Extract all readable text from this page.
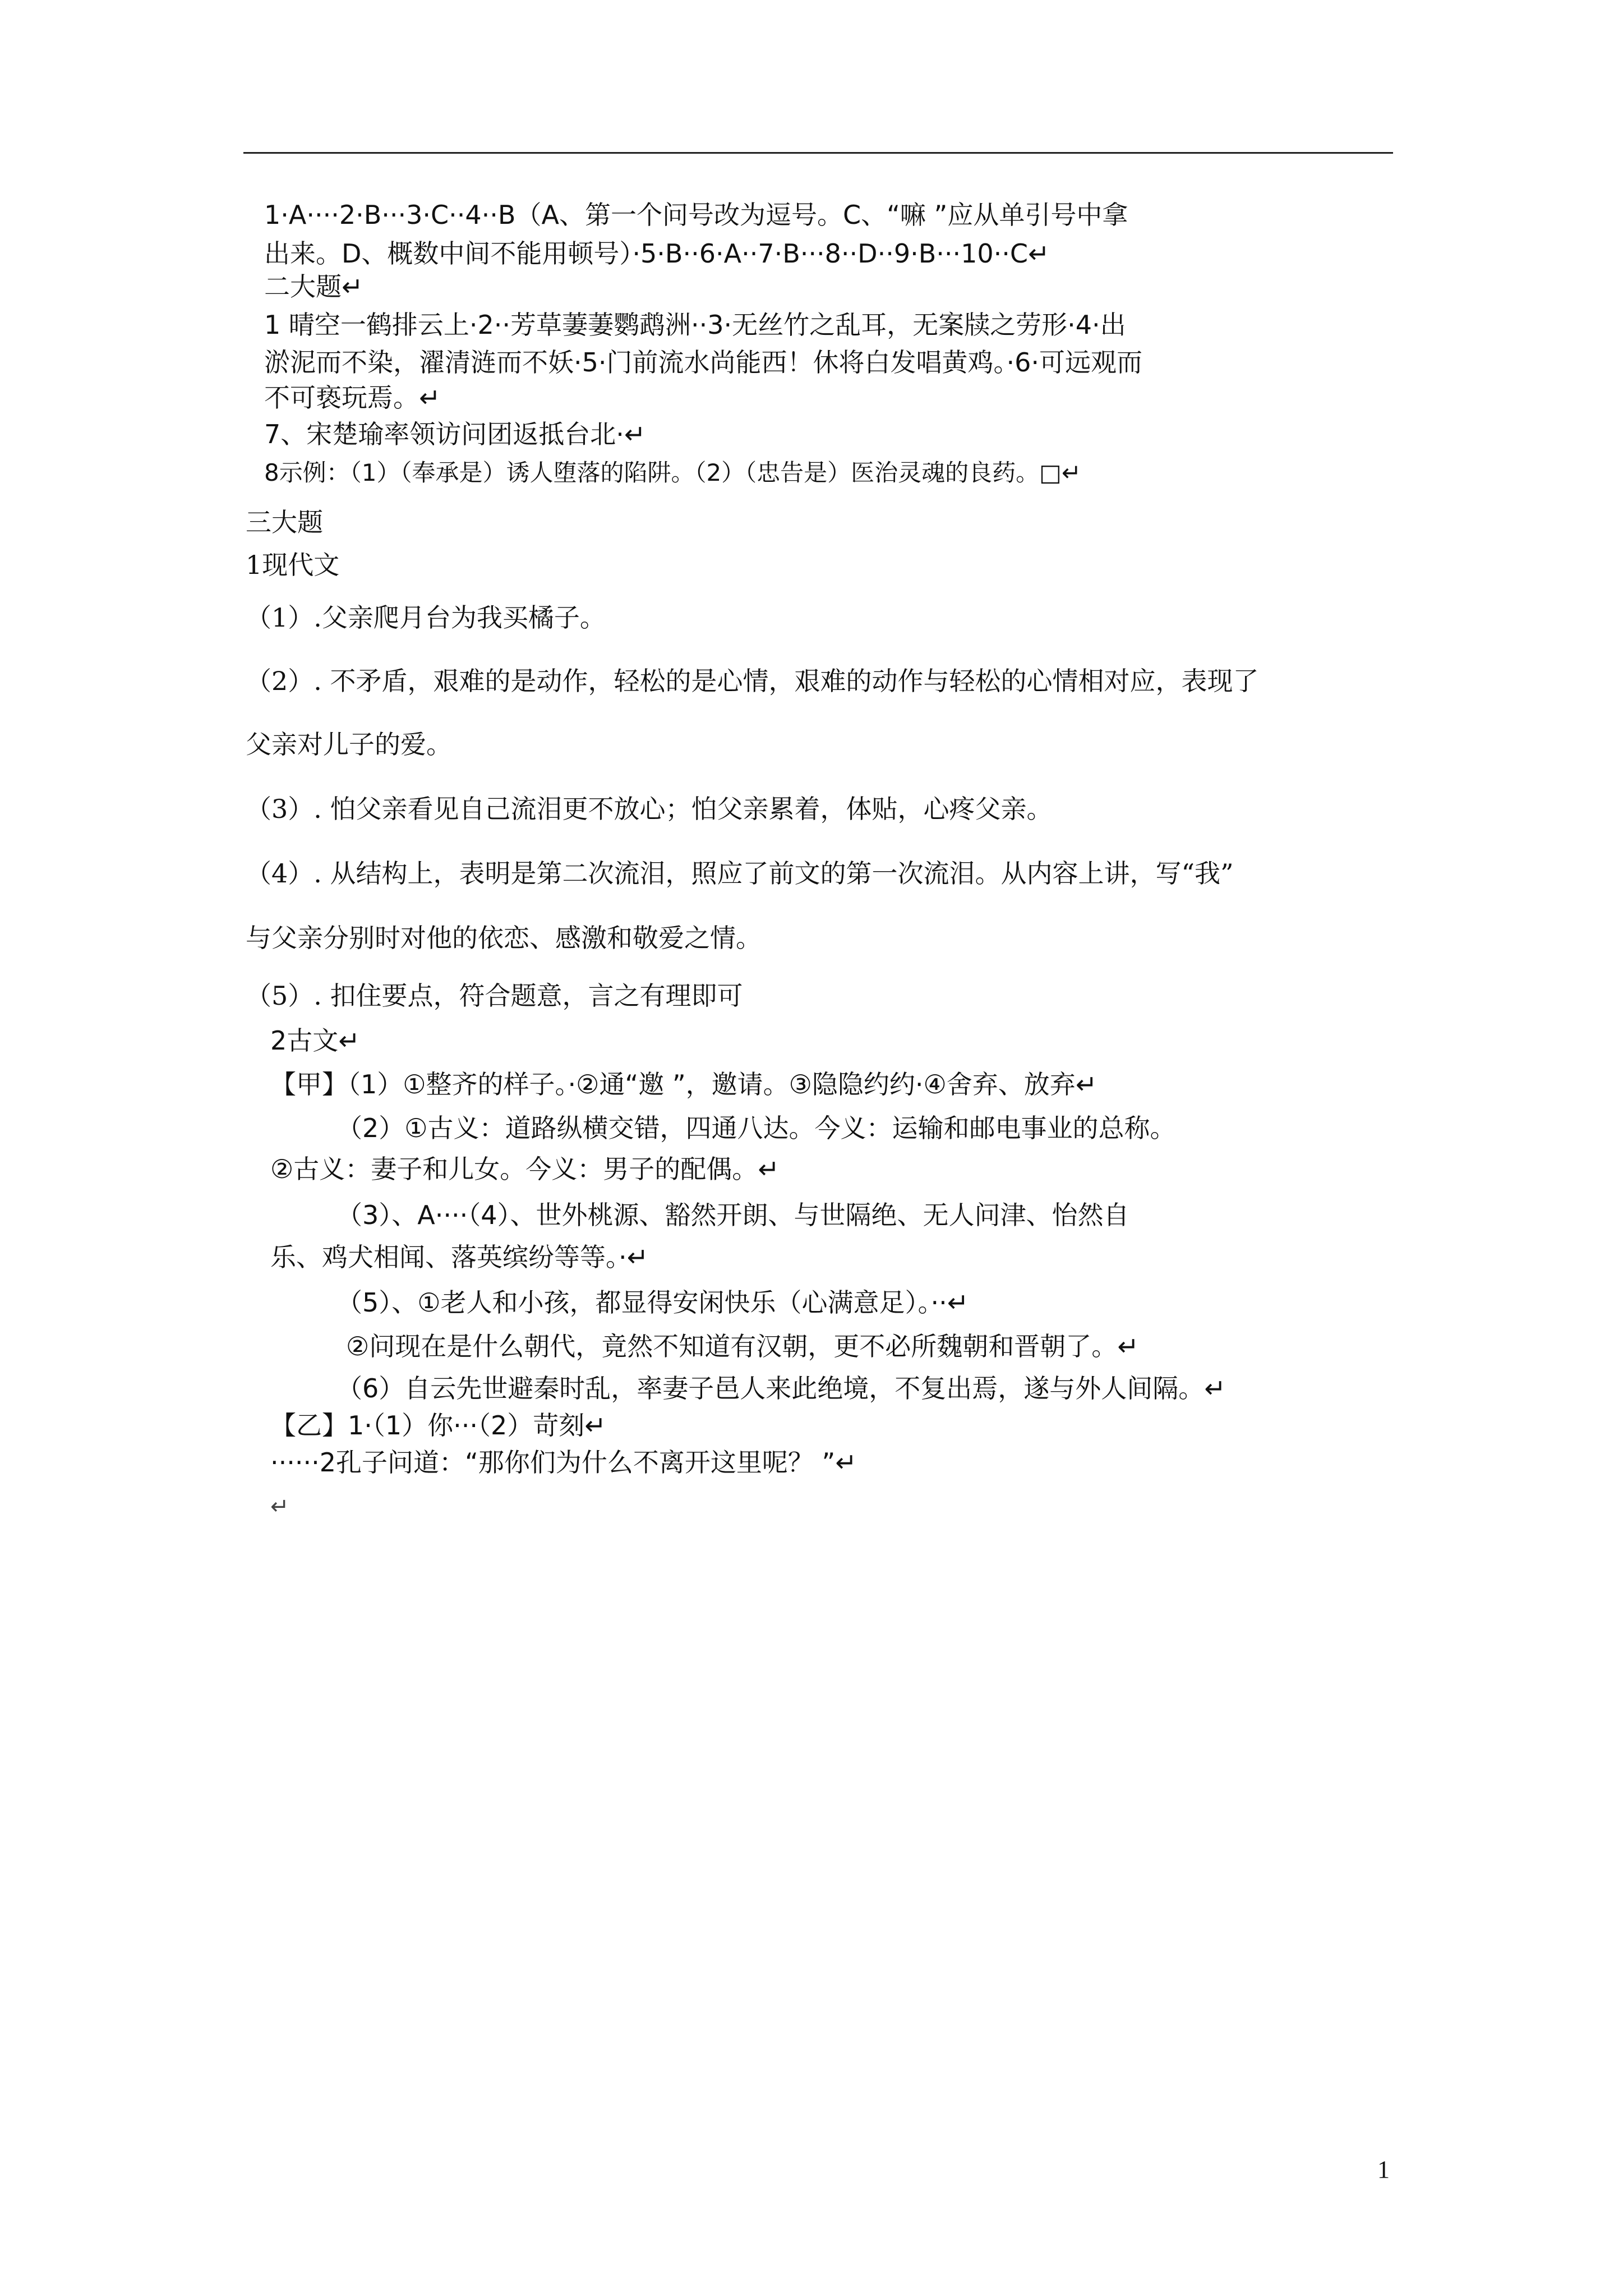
1·A····2·B···3·C··4··B（A、第一个问号改为逗号。C、“嘛 ”应从单引号中拿
出来。D、概数中间不能用顿号）·5·B··6·A··7·B···8··D··9·B···10··C↵
二大题↵
1 晴空一鹤排云上·2··芳草萋萋鹦鹉洲··3·无丝竹之乱耳，无案牍之劳形·4·出
淤泥而不染，濯清涟而不妖·5·门前流水尚能西！休将白发唱黄鸡。·6·可远观而
不可亵玩焉。↵
7、宋楚瑜率领访问团返抵台北·↵
8示例：（1）（奉承是）诱人堕落的陷阱。（2）（忠告是）医治灵魂的良药。□↵
三大题
1现代文
（1）.父亲爬月台为我买橘子。
（2）. 不矛盾，艰难的是动作，轻松的是心情，艰难的动作与轻松的心情相对应，表现了
父亲对儿子的爱。
（3）. 怕父亲看见自己流泪更不放心；怕父亲累着，体贴，心疼父亲。
（4）. 从结构上，表明是第二次流泪，照应了前文的第一次流泪。从内容上讲，写“我”
与父亲分别时对他的依恋、感激和敬爱之情。
（5）. 扣住要点，符合题意，言之有理即可
2古文↵
【甲】（1）①整齐的样子。·②通“邀 ”，邀请。③隐隐约约·④舍弃、放弃↵
（2）①古义：道路纵横交错，四通八达。今义：运输和邮电事业的总称。
②古义：妻子和儿女。今义：男子的配偶。↵
（3）、A····（4）、世外桃源、豁然开朗、与世隔绝、无人问津、怡然自
乐、鸡犬相闻、落英缤纷等等。·↵
（5）、①老人和小孩，都显得安闲快乐（心满意足）。··↵
②问现在是什么朝代，竟然不知道有汉朝，更不必所魏朝和晋朝了。↵
（6）自云先世避秦时乱，率妻子邑人来此绝境，不复出焉，遂与外人间隔。↵
【乙】1·（1）你···（2）苛刻↵
······2孔子问道：“那你们为什么不离开这里呢？ ”↵
↵
1
